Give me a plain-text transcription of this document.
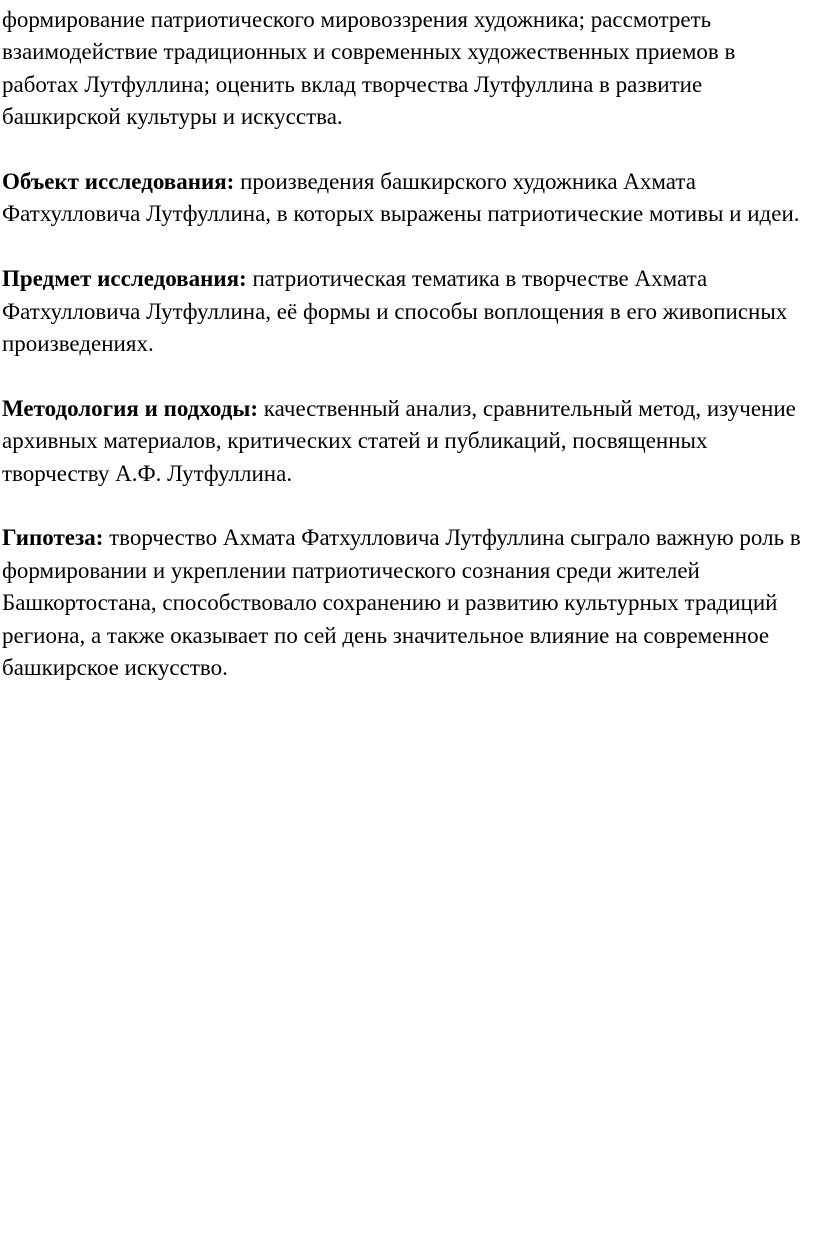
формирование патриотического мировоззрения художника; рассмотреть взаимодействие традиционных и современных художественных приемов в работах Лутфуллина; оценить вклад творчества Лутфуллина в развитие башкирской культуры и искусства.

Объект исследования: произведения башкирского художника Ахмата Фатхулловича Лутфуллина, в которых выражены патриотические мотивы и идеи.

Предмет исследования: патриотическая тематика в творчестве Ахмата Фатхулловича Лутфуллина, её формы и способы воплощения в его живописных произведениях.

Методология и подходы: качественный анализ, сравнительный метод, изучение архивных материалов, критических статей и публикаций, посвященных творчеству А.Ф. Лутфуллина.

Гипотеза: творчество Ахмата Фатхулловича Лутфуллина сыграло важную роль в формировании и укреплении патриотического сознания среди жителей Башкортостана, способствовало сохранению и развитию культурных традиций региона, а также оказывает по сей день значительное влияние на современное башкирское искусство.
